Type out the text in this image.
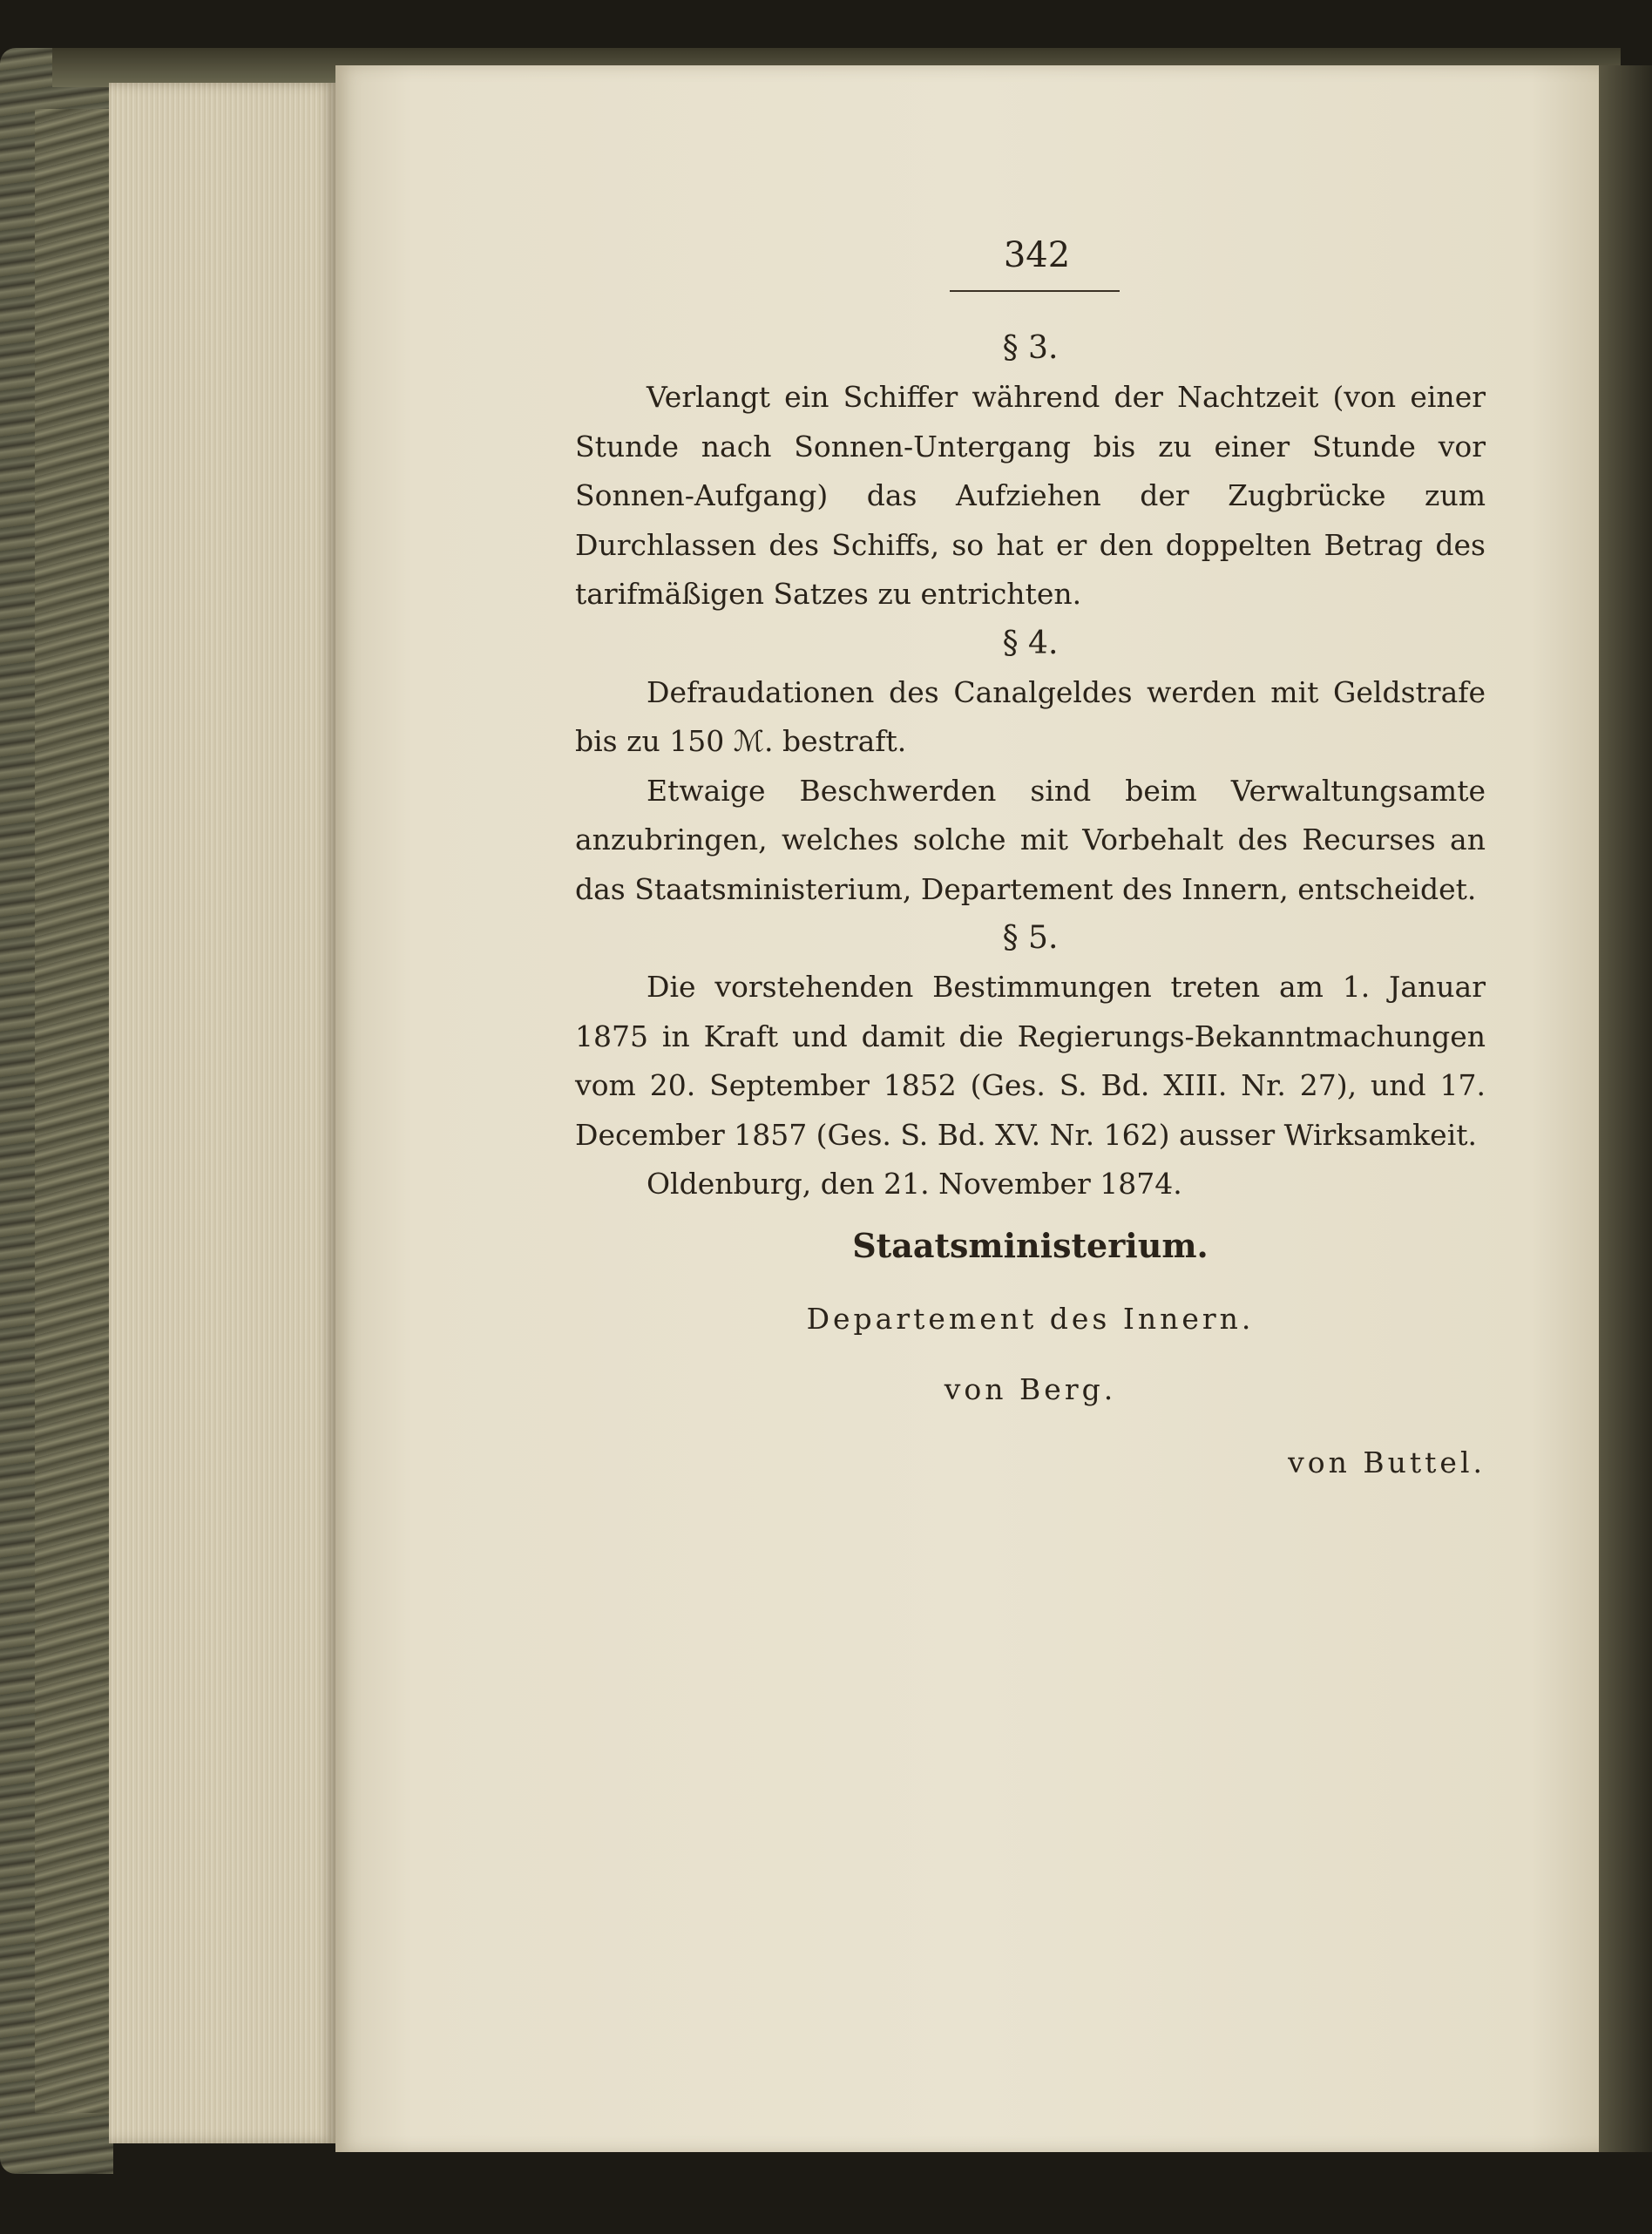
342

§ 3.

Verlangt ein Schiffer während der Nachtzeit (von einer Stunde nach Sonnen-Untergang bis zu einer Stunde vor Sonnen-Aufgang) das Aufziehen der Zugbrücke zum Durchlassen des Schiffs, so hat er den doppelten Betrag des tarifmäßigen Satzes zu entrichten.

§ 4.

Defraudationen des Canalgeldes werden mit Geldstrafe bis zu 150 ℳ. bestraft.

Etwaige Beschwerden sind beim Verwaltungsamte anzubringen, welches solche mit Vorbehalt des Recurses an das Staatsministerium, Departement des Innern, entscheidet.

§ 5.

Die vorstehenden Bestimmungen treten am 1. Januar 1875 in Kraft und damit die Regierungs-Bekanntmachungen vom 20. September 1852 (Ges. S. Bd. XIII. Nr. 27), und 17. December 1857 (Ges. S. Bd. XV. Nr. 162) ausser Wirksamkeit.

Oldenburg, den 21. November 1874.

Staatsministerium.

Departement des Innern.

von Berg.

von Buttel.
